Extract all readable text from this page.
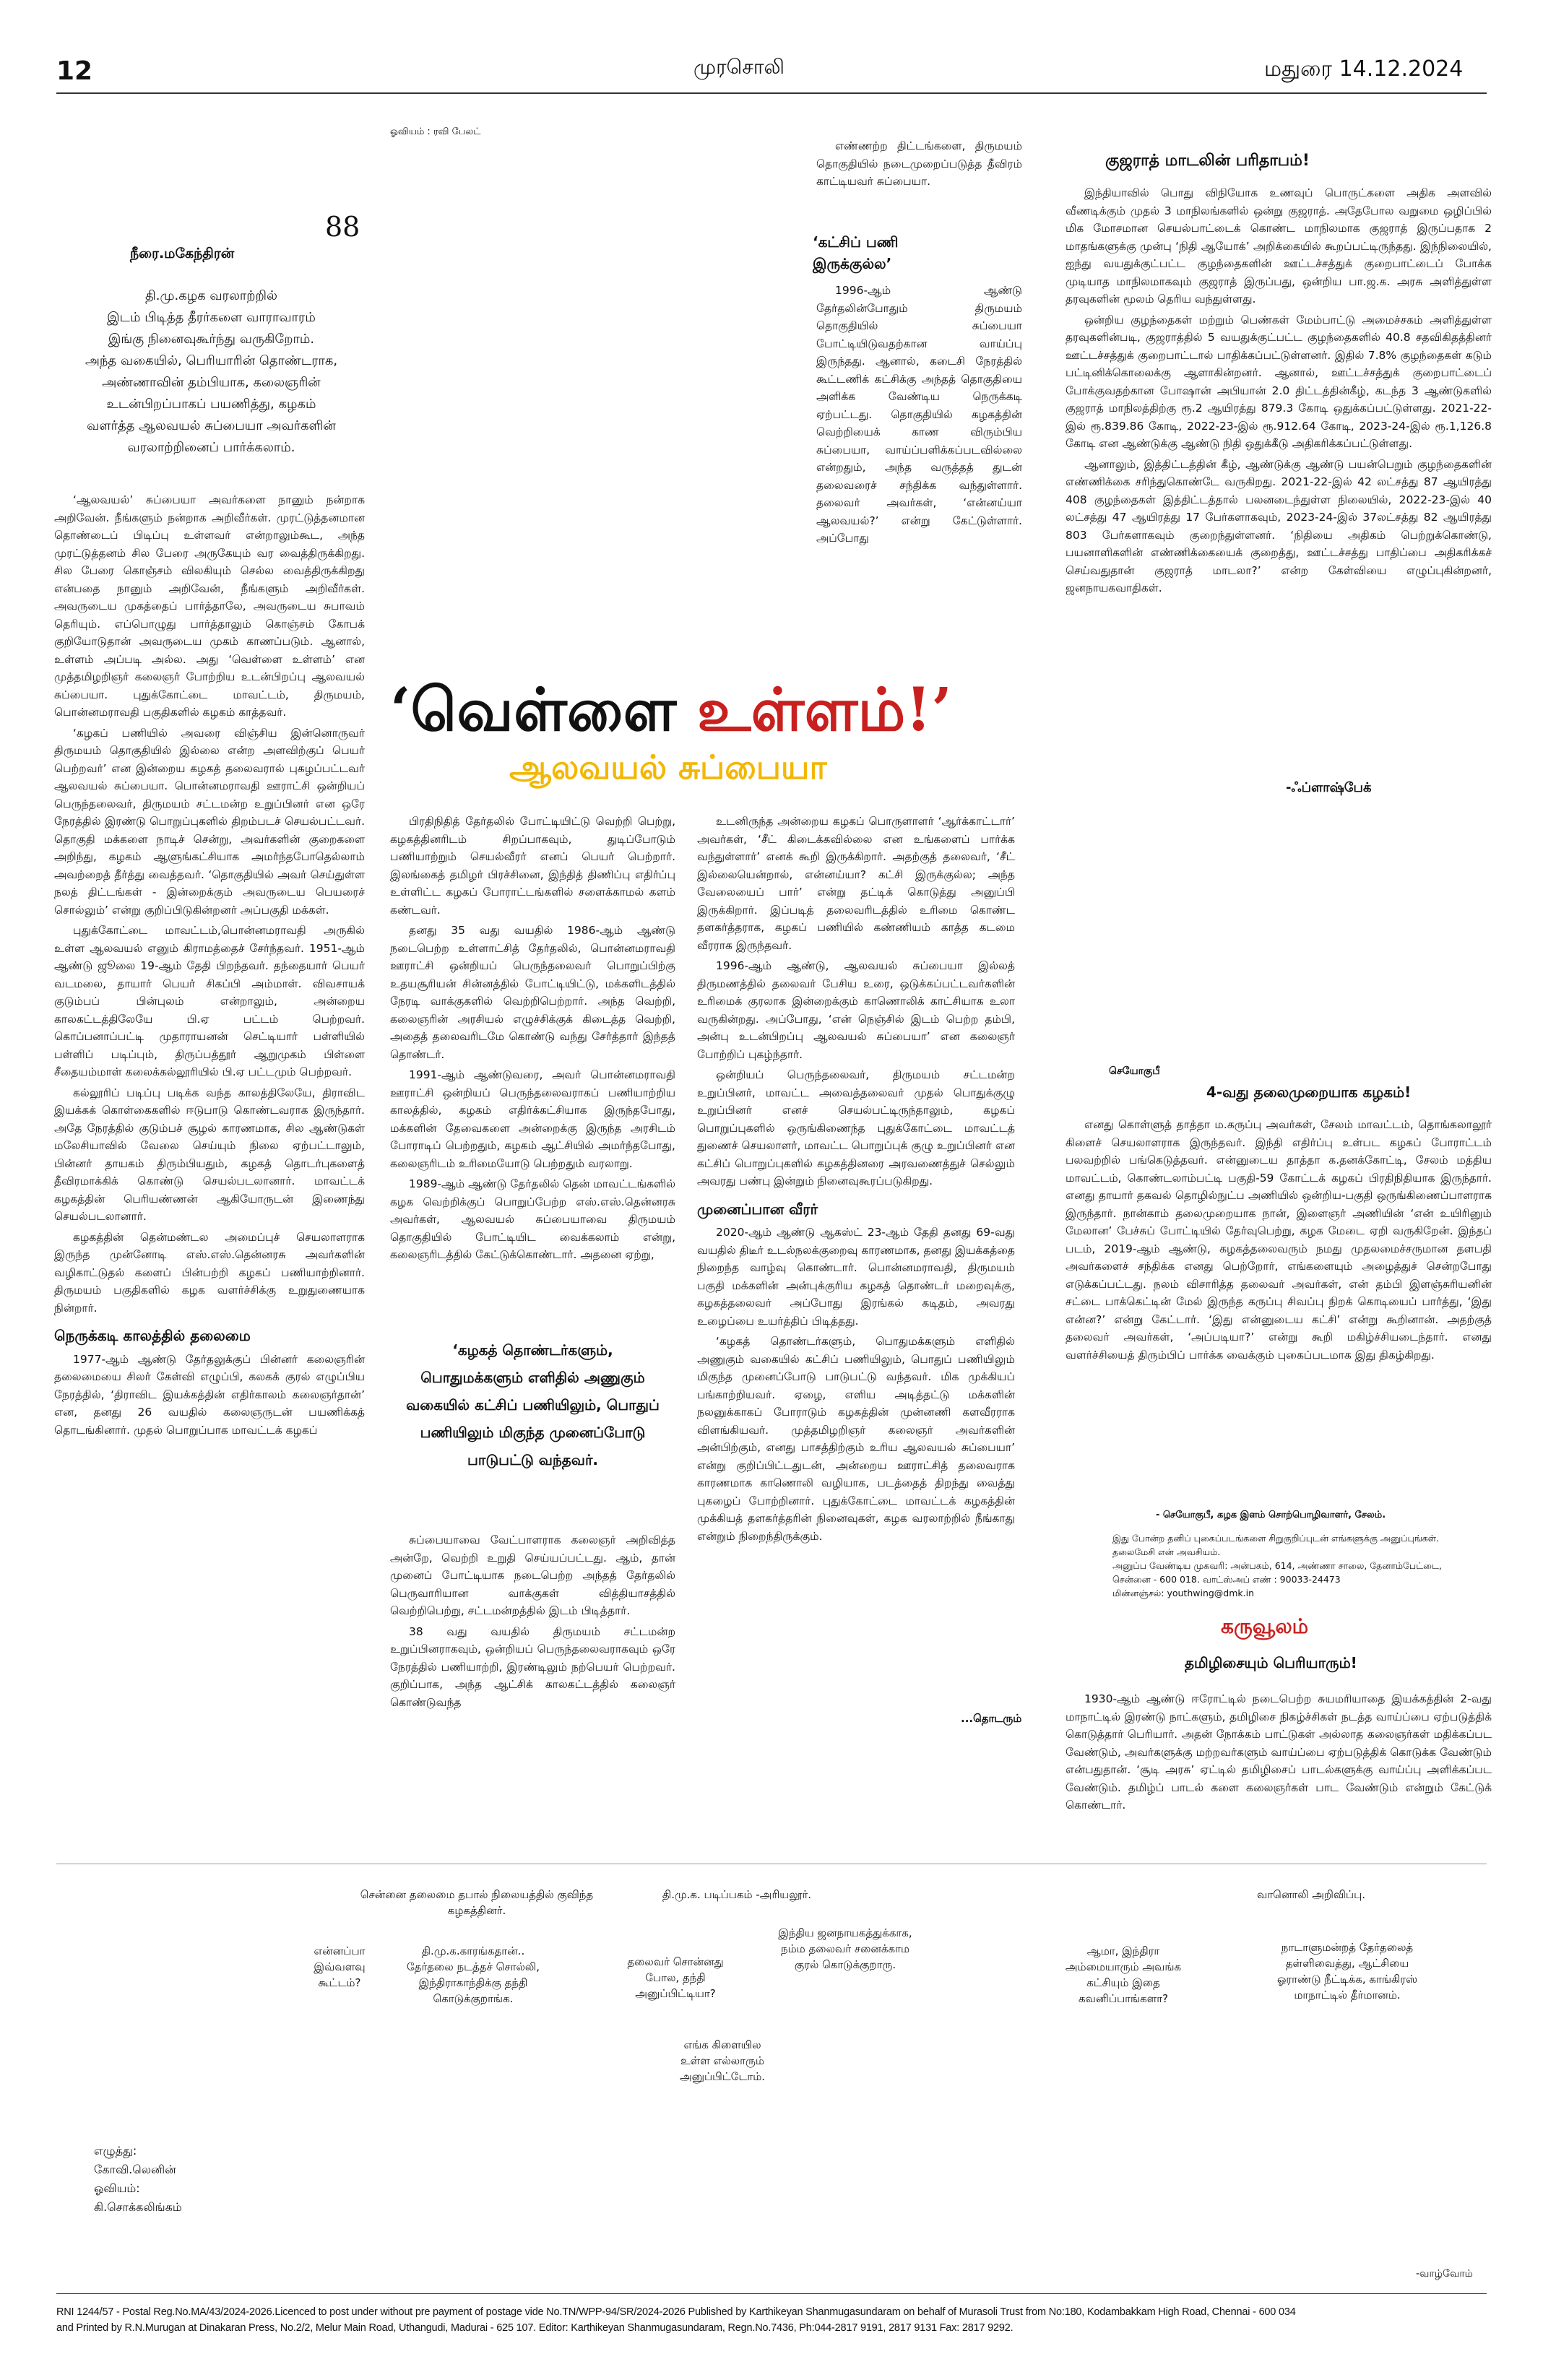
12	முரசொலி	மதுரை 14.12.2024
ஓவியம் : ரவி பேலட்
88
நீரை.மகேந்திரன்
தி.மு.கழக வரலாற்றில்
இடம் பிடித்த தீரர்களை வாராவாரம்
இங்கு நினைவுகூர்ந்து வருகிறோம்.
அந்த வகையில், பெரியாரின் தொண்டராக,
அண்ணாவின் தம்பியாக, கலைஞரின்
உடன்பிறப்பாகப் பயணித்து, கழகம்
வளர்த்த ஆலவயல் சுப்பையா அவர்களின்
வரலாற்றினைப் பார்க்கலாம்.

‘ஆலவயல்’ சுப்பையா அவர்களை நானும் நன்றாக அறிவேன். நீங்களும் நன்றாக அறிவீர்கள். முரட்டுத்தனமான தொண்டைப் பிடிப்பு உள்ளவர் என்றாலும்கூட, அந்த முரட்டுத்தனம் சில பேரை அருகேயும் வர வைத்திருக்கிறது. சில பேரை கொஞ்சம் விலகியும் செல்ல வைத்திருக்கிறது என்பதை நானும் அறிவேன், நீங்களும் அறிவீர்கள். அவருடைய முகத்தைப் பார்த்தாலே, அவருடைய சுபாவம் தெரியும். எப்பொழுது பார்த்தாலும் கொஞ்சம் கோபக் குறியோடுதான் அவருடைய முகம் காணப்படும். ஆனால், உள்ளம் அப்படி அல்ல. அது ‘வெள்ளை உள்ளம்’ என முத்தமிழறிஞர் கலைஞர் போற்றிய உடன்பிறப்பு ஆலவயல் சுப்பையா. புதுக்கோட்டை மாவட்டம், திருமயம், பொன்னமராவதி பகுதிகளில் கழகம் காத்தவர்.

‘கழகப் பணியில் அவரை விஞ்சிய இன்னொருவர் திருமயம் தொகுதியில் இல்லை என்ற அளவிற்குப் பெயர் பெற்றவர்’ என இன்றைய கழகத் தலைவரால் புகழப்பட்டவர் ஆலவயல் சுப்பையா. பொன்னமராவதி ஊராட்சி ஒன்றியப் பெருந்தலைவர், திருமயம் சட்டமன்ற உறுப்பினர் என ஒரே நேரத்தில் இரண்டு பொறுப்புகளில் திறம்படச் செயல்பட்டவர். தொகுதி மக்களை நாடிச் சென்று, அவர்களின் குறைகளை அறிந்து, கழகம் ஆளுங்கட்சியாக அமர்ந்தபோதெல்லாம் அவற்றைத் தீர்த்து வைத்தவர். ‘தொகுதியில் அவர் செய்துள்ள நலத் திட்டங்கள் - இன்றைக்கும் அவருடைய பெயரைச் சொல்லும்’ என்று குறிப்பிடுகின்றனர் அப்பகுதி மக்கள்.

புதுக்கோட்டை மாவட்டம்,பொன்னமராவதி அருகில் உள்ள ஆலவயல் எனும் கிராமத்தைச் சேர்ந்தவர். 1951-ஆம் ஆண்டு ஜூலை 19-ஆம் தேதி பிறந்தவர். தந்தையார் பெயர் வடமலை, தாயார் பெயர் சிகப்பி அம்மாள். விவசாயக் குடும்பப் பின்புலம் என்றாலும், அன்றைய காலகட்டத்திலேயே பி.ஏ பட்டம் பெற்றவர். கொப்பனாப்பட்டி முதாராயனன் செட்டியார் பள்ளியில் பள்ளிப் படிப்பும், திருப்பத்தூர் ஆறுமுகம் பிள்ளை சீதையம்மாள் கலைக்கல்லூரியில் பி.ஏ பட்டமும் பெற்றவர்.

கல்லூரிப் படிப்பு படிக்க வந்த காலத்திலேயே, திராவிட இயக்கக் கொள்கைகளில் ஈடுபாடு கொண்டவராக இருந்தார். அதே நேரத்தில் குடும்பச் சூழல் காரணமாக, சில ஆண்டுகள் மலேசியாவில் வேலை செய்யும் நிலை ஏற்பட்டாலும், பின்னர் தாயகம் திரும்பியதும், கழகத் தொடர்புகளைத் தீவிரமாக்கிக் கொண்டு செயல்படலானார். மாவட்டக் கழகத்தின் பெரியண்ணன் ஆகியோருடன் இணைந்து செயல்படலானார்.

கழகத்தின் தென்மண்டல அமைப்புச் செயலாளராக இருந்த முன்னோடி எஸ்.எஸ்.தென்னரசு அவர்களின் வழிகாட்டுதல் களைப் பின்பற்றி கழகப் பணியாற்றினார். திருமயம் பகுதிகளில் கழக வளர்ச்சிக்கு உறுதுணையாக நின்றார்.

நெருக்கடி காலத்தில் தலைமை

1977-ஆம் ஆண்டு தேர்தலுக்குப் பின்னர் கலைஞரின் தலைமையை சிலர் கேள்வி எழுப்பி, கலகக் குரல் எழுப்பிய நேரத்தில், ‘திராவிட இயக்கத்தின் எதிர்காலம் கலைஞர்தான்’ என, தனது 26 வயதில் கலைஞருடன் பயணிக்கத் தொடங்கினார். முதல் பொறுப்பாக மாவட்டக் கழகப்

எண்ணற்ற திட்டங்களை, திருமயம் தொகுதியில் நடைமுறைப்படுத்த தீவிரம் காட்டியவர் சுப்பையா.

‘கட்சிப் பணி
இருக்குல்ல’

1996-ஆம் ஆண்டு தேர்தலின்போதும் திருமயம் தொகுதியில் சுப்பையா போட்டியிடுவதற்கான வாய்ப்பு இருந்தது. ஆனால், கடைசி நேரத்தில் கூட்டணிக் கட்சிக்கு அந்தத் தொகுதியை அளிக்க வேண்டிய நெருக்கடி ஏற்பட்டது. தொகுதியில் கழகத்தின் வெற்றியைக் காண விரும்பிய சுப்பையா, வாய்ப்பளிக்கப்படவில்லை என்றதும், அந்த வருத்தத் துடன் தலைவரைச் சந்திக்க வந்துள்ளார். தலைவர் அவர்கள், ‘என்னய்யா ஆலவயல்?’ என்று கேட்டுள்ளார். அப்போது

‘வெள்ளை உள்ளம்!’
ஆலவயல் சுப்பையா

பிரதிநிதித் தேர்தலில் போட்டியிட்டு வெற்றி பெற்று, கழகத்தினரிடம் சிறப்பாகவும், துடிப்போடும் பணியாற்றும் செயல்வீரர் எனப் பெயர் பெற்றார். இலங்கைத் தமிழர் பிரச்சினை, இந்தித் திணிப்பு எதிர்ப்பு உள்ளிட்ட கழகப் போராட்டங்களில் சளைக்காமல் களம் கண்டவர்.

தனது 35 வது வயதில் 1986-ஆம் ஆண்டு நடைபெற்ற உள்ளாட்சித் தேர்தலில், பொன்னமராவதி ஊராட்சி ஒன்றியப் பெருந்தலைவர் பொறுப்பிற்கு உதயசூரியன் சின்னத்தில் போட்டியிட்டு, மக்களிடத்தில் நேரடி வாக்குகளில் வெற்றிபெற்றார். அந்த வெற்றி, கலைஞரின் அரசியல் எழுச்சிக்குக் கிடைத்த வெற்றி, அதைத் தலைவரிடமே கொண்டு வந்து சேர்த்தார் இந்தத் தொண்டர்.

1991-ஆம் ஆண்டுவரை, அவர் பொன்னமராவதி ஊராட்சி ஒன்றியப் பெருந்தலைவராகப் பணியாற்றிய காலத்தில், கழகம் எதிர்க்கட்சியாக இருந்தபோது, மக்களின் தேவைகளை அன்றைக்கு இருந்த அரசிடம் போராடிப் பெற்றதும், கழகம் ஆட்சியில் அமர்ந்தபோது, கலைஞரிடம் உரிமையோடு பெற்றதும் வரலாறு.

1989-ஆம் ஆண்டு தேர்தலில் தென் மாவட்டங்களில் கழக வெற்றிக்குப் பொறுப்பேற்ற எஸ்.எஸ்.தென்னரசு அவர்கள், ஆலவயல் சுப்பையாவை திருமயம் தொகுதியில் போட்டியிட வைக்கலாம் என்று, கலைஞரிடத்தில் கேட்டுக்கொண்டார். அதனை ஏற்று,

‘கழகத் தொண்டர்களும்,
பொதுமக்களும் எளிதில் அணுகும்
வகையில் கட்சிப் பணியிலும், பொதுப்
பணியிலும் மிகுந்த முனைப்போடு
பாடுபட்டு வந்தவர்.

சுப்பையாவை வேட்பாளராக கலைஞர் அறிவித்த அன்றே, வெற்றி உறுதி செய்யப்பட்டது. ஆம், தான் முனைப் போட்டியாக நடைபெற்ற அந்தத் தேர்தலில் பெருவாரியான வாக்குகள் வித்தியாசத்தில் வெற்றிபெற்று, சட்டமன்றத்தில் இடம் பிடித்தார்.

38 வது வயதில் திருமயம் சட்டமன்ற உறுப்பினராகவும், ஒன்றியப் பெருந்தலைவராகவும் ஒரே நேரத்தில் பணியாற்றி, இரண்டிலும் நற்பெயர் பெற்றவர். குறிப்பாக, அந்த ஆட்சிக் காலகட்டத்தில் கலைஞர் கொண்டுவந்த

உடனிருந்த அன்றைய கழகப் பொருளாளர் ‘ஆர்க்காட்டார்’ அவர்கள், ‘சீட் கிடைக்கவில்லை என உங்களைப் பார்க்க வந்துள்ளார்’ எனக் கூறி இருக்கிறார். அதற்குத் தலைவர், ‘சீட் இல்லையென்றால், என்னய்யா? கட்சி இருக்குல்ல; அந்த வேலையைப் பார்’ என்று தட்டிக் கொடுத்து அனுப்பி இருக்கிறார். இப்படித் தலைவரிடத்தில் உரிமை கொண்ட தளகர்த்தராக, கழகப் பணியில் கண்ணியம் காத்த கடமை வீரராக இருந்தவர்.

1996-ஆம் ஆண்டு, ஆலவயல் சுப்பையா இல்லத் திருமணத்தில் தலைவர் பேசிய உரை, ஒடுக்கப்பட்டவர்களின் உரிமைக் குரலாக இன்றைக்கும் காணொலிக் காட்சியாக உலா வருகின்றது. அப்போது, ‘என் நெஞ்சில் இடம் பெற்ற தம்பி, அன்பு உடன்பிறப்பு ஆலவயல் சுப்பையா’ என கலைஞர் போற்றிப் புகழ்ந்தார்.

ஒன்றியப் பெருந்தலைவர், திருமயம் சட்டமன்ற உறுப்பினர், மாவட்ட அவைத்தலைவர் முதல் பொதுக்குழு உறுப்பினர் எனச் செயல்பட்டிருந்தாலும், கழகப் பொறுப்புகளில் ஒருங்கிணைந்த புதுக்கோட்டை மாவட்டத் துணைச் செயலாளர், மாவட்ட பொறுப்புக் குழு உறுப்பினர் என கட்சிப் பொறுப்புகளில் கழகத்தினரை அரவணைத்துச் செல்லும் அவரது பண்பு இன்றும் நினைவுகூரப்படுகிறது.

முனைப்பான வீரர்

2020-ஆம் ஆண்டு ஆகஸ்ட் 23-ஆம் தேதி தனது 69-வது வயதில் திடீர் உடல்நலக்குறைவு காரணமாக, தனது இயக்கத்தை நிறைந்த வாழ்வு கொண்டார். பொன்னமராவதி, திருமயம் பகுதி மக்களின் அன்புக்குரிய கழகத் தொண்டர் மறைவுக்கு, கழகத்தலைவர் அப்போது இரங்கல் கடிதம், அவரது உழைப்பை உயர்த்திப் பிடித்தது.

‘கழகத் தொண்டர்களும், பொதுமக்களும் எளிதில் அணுகும் வகையில் கட்சிப் பணியிலும், பொதுப் பணியிலும் மிகுந்த முனைப்போடு பாடுபட்டு வந்தவர். மிக முக்கியப் பங்காற்றியவர். ஏழை, எளிய அடித்தட்டு மக்களின் நலனுக்காகப் போராடும் கழகத்தின் முன்னணி களவீரராக விளங்கியவர். முத்தமிழறிஞர் கலைஞர் அவர்களின் அன்பிற்கும், எனது பாசத்திற்கும் உரிய ஆலவயல் சுப்பையா’ என்று குறிப்பிட்டதுடன், அன்றைய ஊராட்சித் தலைவராக காரணமாக காணொலி வழியாக, படத்தைத் திறந்து வைத்து புகழைப் போற்றினார். புதுக்கோட்டை மாவட்டக் கழகத்தின் முக்கியத் தளகர்த்தரின் நினைவுகள், கழக வரலாற்றில் நீங்காது என்றும் நிறைந்திருக்கும்.

...தொடரும்
குஜராத் மாடலின் பரிதாபம்!

இந்தியாவில் பொது விநியோக உணவுப் பொருட்களை அதிக அளவில் வீணடிக்கும் முதல் 3 மாநிலங்களில் ஒன்று குஜராத். அதேபோல வறுமை ஒழிப்பில் மிக மோசமான செயல்பாட்டைக் கொண்ட மாநிலமாக குஜராத் இருப்பதாக 2 மாதங்களுக்கு முன்பு ‘நிதி ஆயோக்’ அறிக்கையில் கூறப்பட்டிருந்தது. இந்நிலையில், ஐந்து வயதுக்குட்பட்ட குழந்தைகளின் ஊட்டச்சத்துக் குறைபாட்டைப் போக்க முடியாத மாநிலமாகவும் குஜராத் இருப்பது, ஒன்றிய பா.ஜ.க. அரசு அளித்துள்ள தரவுகளின் மூலம் தெரிய வந்துள்ளது.

ஒன்றிய குழந்தைகள் மற்றும் பெண்கள் மேம்பாட்டு அமைச்சகம் அளித்துள்ள தரவுகளின்படி, குஜராத்தில் 5 வயதுக்குட்பட்ட குழந்தைகளில் 40.8 சதவிகிதத்தினர் ஊட்டச்சத்துக் குறைபாட்டால் பாதிக்கப்பட்டுள்ளனர். இதில் 7.8% குழந்தைகள் கடும் பட்டினிக்கொலைக்கு ஆளாகின்றனர். ஆனால், ஊட்டச்சத்துக் குறைபாட்டைப் போக்குவதற்கான போஷான் அபியான் 2.0 திட்டத்தின்கீழ், கடந்த 3 ஆண்டுகளில் குஜராத் மாநிலத்திற்கு ரூ.2 ஆயிரத்து 879.3 கோடி ஒதுக்கப்பட்டுள்ளது. 2021-22-இல் ரூ.839.86 கோடி, 2022-23-இல் ரூ.912.64 கோடி, 2023-24-இல் ரூ.1,126.8 கோடி என ஆண்டுக்கு ஆண்டு நிதி ஒதுக்கீடு அதிகரிக்கப்பட்டுள்ளது.

ஆனாலும், இத்திட்டத்தின் கீழ், ஆண்டுக்கு ஆண்டு பயன்பெறும் குழந்தைகளின் எண்ணிக்கை சரிந்துகொண்டே வருகிறது. 2021-22-இல் 42 லட்சத்து 87 ஆயிரத்து 408 குழந்தைகள் இத்திட்டத்தால் பலனடைந்துள்ள நிலையில், 2022-23-இல் 40 லட்சத்து 47 ஆயிரத்து 17 பேர்களாகவும், 2023-24-இல் 37லட்சத்து 82 ஆயிரத்து 803 பேர்களாகவும் குறைந்துள்ளனர். ‘நிதியை அதிகம் பெற்றுக்கொண்டு, பயனாளிகளின் எண்ணிக்கையைக் குறைத்து, ஊட்டச்சத்து பாதிப்பை அதிகரிக்கச் செய்வதுதான் குஜராத் மாடலா?’ என்ற கேள்வியை எழுப்புகின்றனர், ஜனநாயகவாதிகள்.

-ஃப்ளாஷ்பேக்
செயோகுபீ
4-வது தலைமுறையாக கழகம்!

எனது கொள்ளுத் தாத்தா ம.கருப்பு அவர்கள், சேலம் மாவட்டம், தொங்கலாலூர் கிளைச் செயலாளராக இருந்தவர். இந்தி எதிர்ப்பு உள்பட கழகப் போராட்டம் பலவற்றில் பங்கெடுத்தவர். என்னுடைய தாத்தா க.தனக்கோட்டி, சேலம் மத்திய மாவட்டம், கொண்டலாம்பட்டி பகுதி-59 கோட்டக் கழகப் பிரதிநிதியாக இருந்தார். எனது தாயார் தகவல் தொழில்நுட்ப அணியில் ஒன்றிய-பகுதி ஒருங்கிணைப்பாளராக இருந்தார். நான்காம் தலைமுறையாக நான், இளைஞர் அணியின் ‘என் உயிரினும் மேலான’ பேச்சுப் போட்டியில் தேர்வுபெற்று, கழக மேடை ஏறி வருகிறேன். இந்தப் படம், 2019-ஆம் ஆண்டு, கழகத்தலைவரும் நமது முதலமைச்சருமான தளபதி அவர்களைச் சந்திக்க எனது பெற்றோர், எங்களையும் அழைத்துச் சென்றபோது எடுக்கப்பட்டது. நலம் விசாரித்த தலைவர் அவர்கள், என் தம்பி இளஞ்சுரியனின் சட்டை பாக்கெட்டின் மேல் இருந்த கருப்பு சிவப்பு நிறக் கொடியைப் பார்த்து, ‘இது என்ன?’ என்று கேட்டார். ‘இது என்னுடைய கட்சி’ என்று கூறினான். அதற்குத் தலைவர் அவர்கள், ‘அப்படியா?’ என்று கூறி மகிழ்ச்சியடைந்தார். எனது வளர்ச்சியைத் திரும்பிப் பார்க்க வைக்கும் புகைப்படமாக இது திகழ்கிறது.

- செயோகுபீ, கழக இளம் சொற்பொழிவாளர், சேலம்.
இது போன்ற தனிப் புகைப்படங்களை சிறுகுறிப்புடன் எங்களுக்கு அனுப்புங்கள். தலைமேசி என் அவசியம்.
அனுப்ப வேண்டிய முகவரி: அன்பகம், 614, அண்ணா சாலை, தேனாம்பேட்டை, சென்னை - 600 018. வாட்ஸ்அப் எண் : 90033-24473
மின்னஞ்சல்: youthwing@dmk.in
கருவூலம்
தமிழிசையும் பெரியாரும்!

1930-ஆம் ஆண்டு ஈரோட்டில் நடைபெற்ற சுயமரியாதை இயக்கத்தின் 2-வது மாநாட்டில் இரண்டு நாட்களும், தமிழிசை நிகழ்ச்சிகள் நடத்த வாய்ப்பை ஏற்படுத்திக் கொடுத்தார் பெரியார். அதன் நோக்கம் பாட்டுகள் அல்லாத கலைஞர்கள் மதிக்கப்பட வேண்டும், அவர்களுக்கு மற்றவர்களும் வாய்ப்பை ஏற்படுத்திக் கொடுக்க வேண்டும் என்பதுதான். ‘சூடி அரசு’ ஏட்டில் தமிழிசைப் பாடல்களுக்கு வாய்ப்பு அளிக்கப்பட வேண்டும். தமிழ்ப் பாடல் களை கலைஞர்கள் பாட வேண்டும் என்றும் கேட்டுக் கொண்டார்.

சென்னை தலைமை தபால் நிலையத்தில் குவிந்த கழகத்தினர்.
தி.மு.க. படிப்பகம் -அரியலூர்.	வானொலி அறிவிப்பு.
என்னப்பா இவ்வளவு கூட்டம்?
தி.மு.க.காரங்கதான்.. தேர்தலை நடத்தச் சொல்லி, இந்திராகாந்திக்கு தந்தி கொடுக்குறாங்க.
தலைவர் சொன்னது போல, தந்தி அனுப்பிட்டியா?
இந்திய ஜனநாயகத்துக்காக, நம்ம தலைவர் சனைக்காம குரல் கொடுக்குறாரு.
ஆமா, இந்திரா அம்மையாரும் அவங்க கட்சியும் இதை கவனிப்பாங்களா?
நாடாளுமன்றத் தேர்தலைத் தள்ளிவைத்து, ஆட்சியை ஓராண்டு நீட்டிக்க, காங்கிரஸ் மாநாட்டில் தீர்மானம்.
எங்க கிளையில உள்ள எல்லாரும் அனுப்பிட்டோம்.
எழுத்து:
கோவி.லெனின்
ஓவியம்:
கி.சொக்கலிங்கம்
-வாழ்வோம்
RNI 1244/57 - Postal Reg.No.MA/43/2024-2026.Licenced to post under without pre payment of postage vide No.TN/WPP-94/SR/2024-2026 Published by Karthikeyan Shanmugasundaram on behalf of Murasoli Trust from No:180, Kodambakkam High Road, Chennai - 600 034
and Printed by R.N.Murugan at Dinakaran Press, No.2/2, Melur Main Road, Uthangudi, Madurai - 625 107. Editor: Karthikeyan Shanmugasundaram, Regn.No.7436, Ph:044-2817 9191, 2817 9131 Fax: 2817 9292.
